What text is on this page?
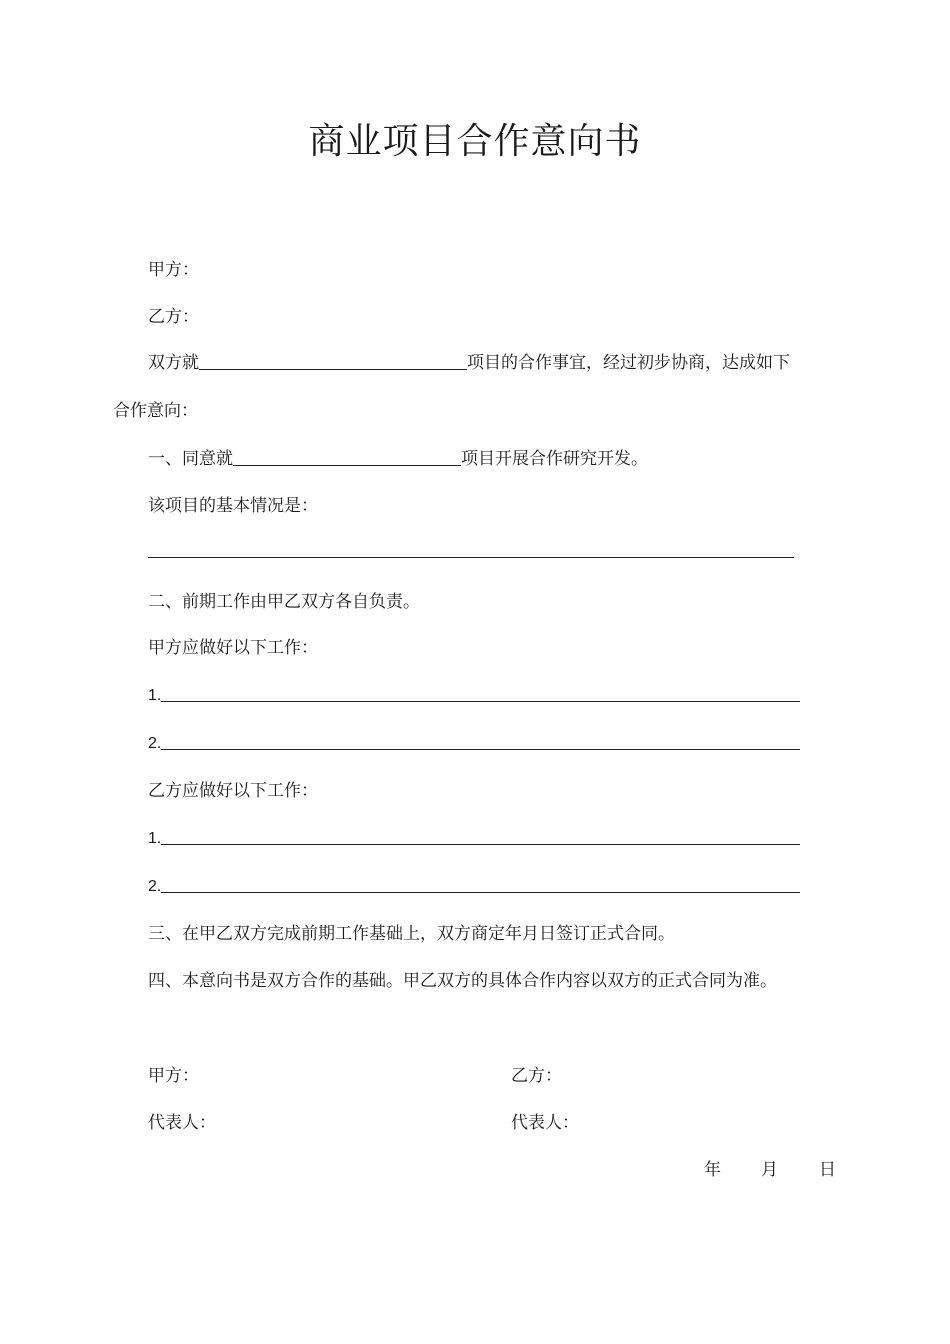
商业项目合作意向书
甲方：
乙方：
双方就	项目的合作事宜，经过初步协商，达成如下
合作意向：
一、同意就	项目开展合作研究开发。
该项目的基本情况是：
二、前期工作由甲乙双方各自负责。
甲方应做好以下工作：
1.
2.
乙方应做好以下工作：
1.
2.
三、在甲乙双方完成前期工作基础上，双方商定年月日签订正式合同。
四、本意向书是双方合作的基础。甲乙双方的具体合作内容以双方的正式合同为准。
甲方：	乙方：
代表人：	代表人：
年 月 日
